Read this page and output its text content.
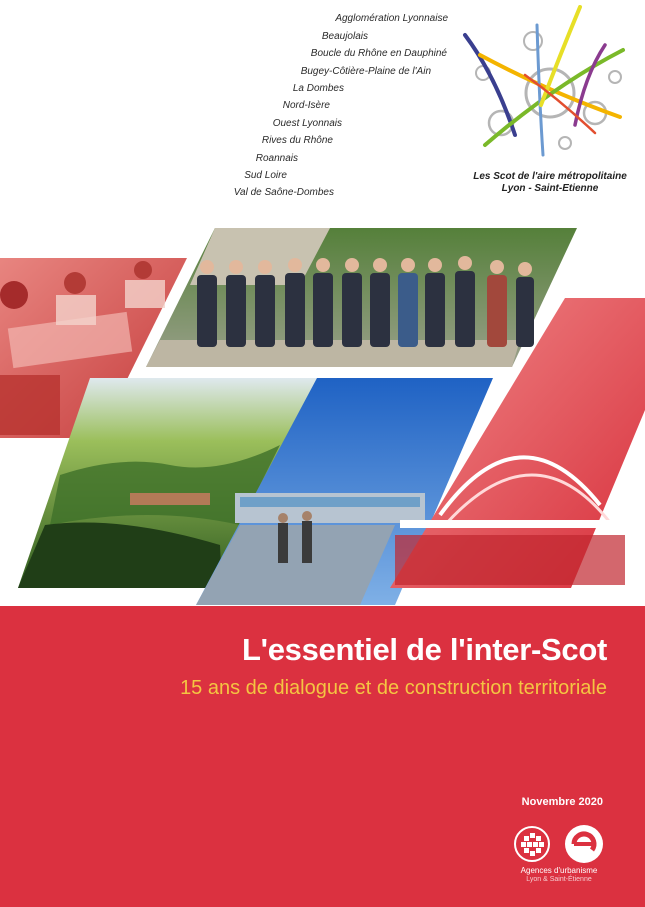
Agglomération Lyonnaise
Beaujolais
Boucle du Rhône en Dauphiné
Bugey-Côtière-Plaine de l'Ain
La Dombes
Nord-Isère
Ouest Lyonnais
Rives du Rhône
Roannais
Sud Loire
Val de Saône-Dombes
Les Scot de l'aire métropolitaine
Lyon - Saint-Etienne
L'essentiel de l'inter-Scot
15 ans de dialogue et de construction territoriale
Novembre 2020
Agences d'urbanisme
Lyon & Saint-Étienne
